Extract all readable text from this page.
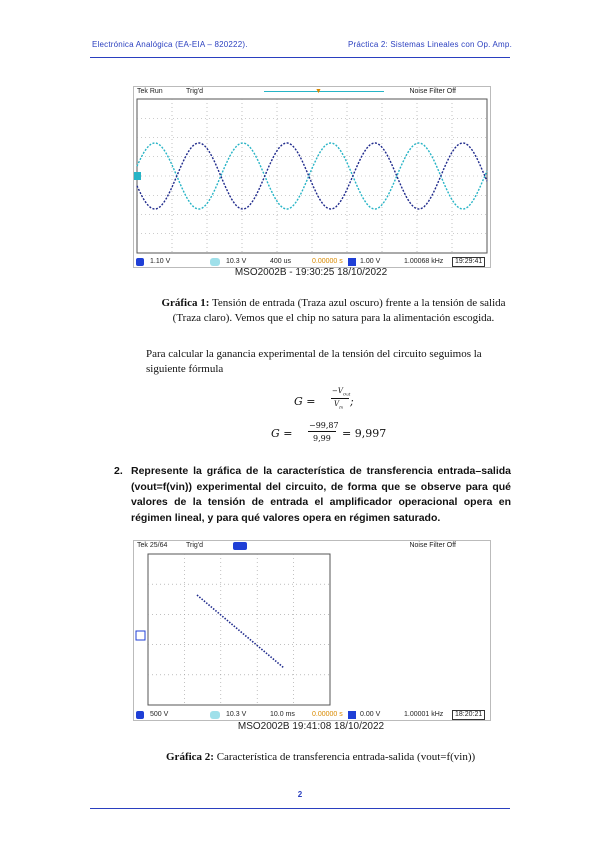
Electrónica Analógica (EA-EIA – 820222).	Práctica 2: Sistemas Lineales con Op. Amp.
Tek Run	Trig'd	▼	Noise Filter Off
1.10 V	10.3 V	400 us	0.00000 s 1.00 V	1.00068 kHz	19:29:41
MSO2002B - 19:30:25 18/10/2022
Gráfica 1: Tensión de entrada (Traza azul oscuro) frente a la tensión de salida (Traza claro). Vemos que el chip no satura para la alimentación escogida.
Para calcular la ganancia experimental de la tensión del circuito seguimos la siguiente fórmula
G =
$-V_{Out}$
$V_{In}$ ;
G =
−99,87
9,99 = 9,997
2. Represente la gráfica de la característica de transferencia entrada–salida (vout=f(vin)) experimental del circuito, de forma que se observe para qué valores de la tensión de entrada el amplificador operacional opera en régimen lineal, y para qué valores opera en régimen saturado.
Tek 25/64	Trig'd	Noise Filter Off
500 V	10.3 V	10.0 ms 0.00000 s 0.00 V	1.00001 kHz	18:20:21
MSO2002B 19:41:08 18/10/2022
Gráfica 2: Característica de transferencia entrada-salida (vout=f(vin))
2
